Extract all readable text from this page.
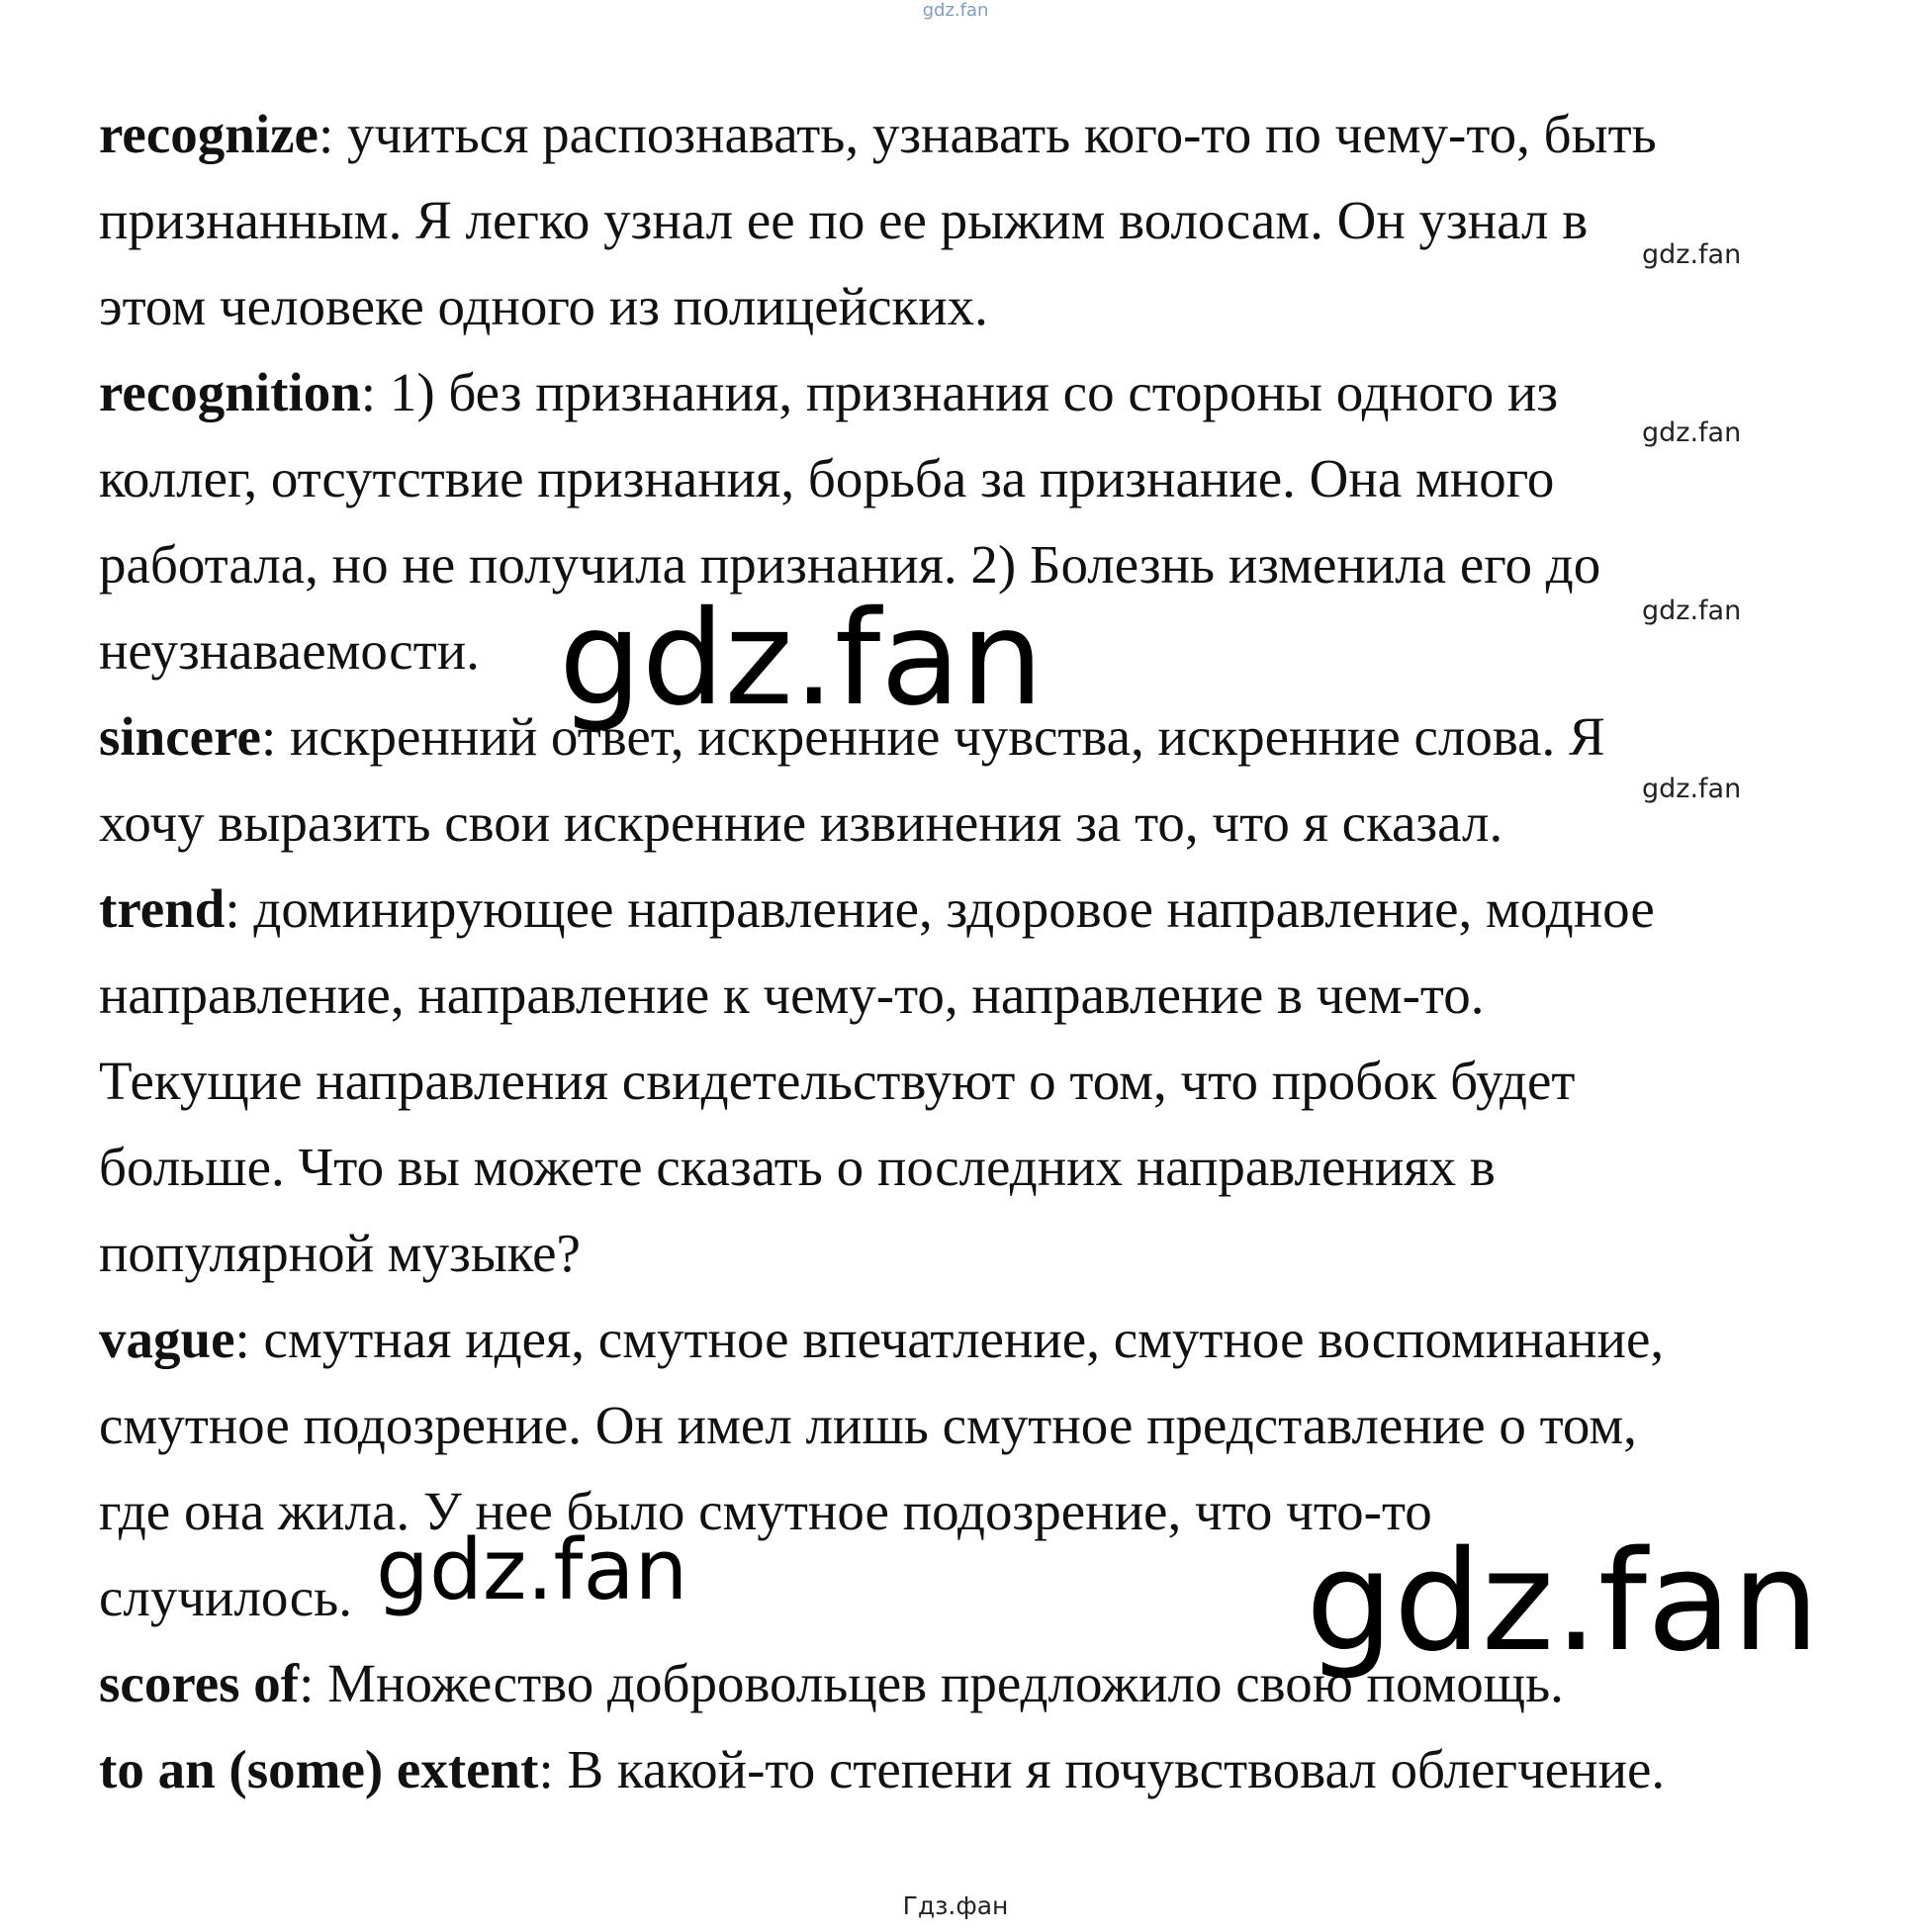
gdz.fan
recognize: учиться распознавать, узнавать кого-то по чему-то, быть
признанным. Я легко узнал ее по ее рыжим волосам. Он узнал в
этом человеке одного из полицейских.
recognition: 1) без признания, признания со стороны одного из
коллег, отсутствие признания, борьба за признание. Она много
работала, но не получила признания. 2) Болезнь изменила его до
неузнаваемости.
sincere: искренний ответ, искренние чувства, искренние слова. Я
хочу выразить свои искренние извинения за то, что я сказал.
trend: доминирующее направление, здоровое направление, модное
направление, направление к чему-то, направление в чем-то.
Текущие направления свидетельствуют о том, что пробок будет
больше. Что вы можете сказать о последних направлениях в
популярной музыке?
vague: смутная идея, смутное впечатление, смутное воспоминание,
смутное подозрение. Он имел лишь смутное представление о том,
где она жила. У нее было смутное подозрение, что что-то
случилось.
scores of: Множество добровольцев предложило свою помощь.
to an (some) extent: В какой-то степени я почувствовал облегчение.
gdz.fan
gdz.fan
gdz.fan
gdz.fan
gdz.fan
gdz.fan	gdz.fan
Гдз.фан
